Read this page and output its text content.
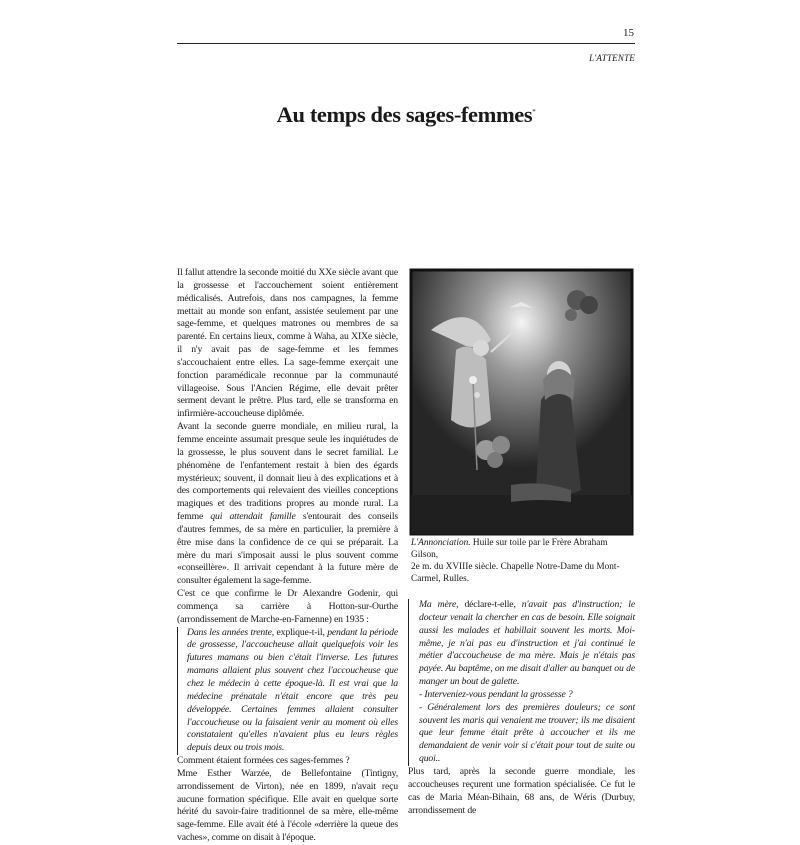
15
L'ATTENTE
Au temps des sages-femmes*

Il fallut attendre la seconde moitié du XXe siècle avant que la grossesse et l'accouchement soient entièrement médicalisés. Autrefois, dans nos campagnes, la femme mettait au monde son enfant, assistée seulement par une sage-femme, et quelques matrones ou membres de sa parenté. En certains lieux, comme à Waha, au XIXe siècle, il n'y avait pas de sage-femme et les femmes s'accouchaient entre elles. La sage-femme exerçait une fonction paramédicale reconnue par la communauté villageoise. Sous l'Ancien Régime, elle devait prêter serment devant le prêtre. Plus tard, elle se transforma en infirmière-accoucheuse diplômée.

Avant la seconde guerre mondiale, en milieu rural, la femme enceinte assumait presque seule les inquiétudes de la grossesse, le plus souvent dans le secret familial. Le phénomène de l'enfantement restait à bien des égards mystérieux; souvent, il donnait lieu à des explications et à des comportements qui relevaient des vieilles conceptions magiques et des traditions propres au monde rural. La femme qui attendait famille s'entourait des conseils d'autres femmes, de sa mère en particulier, la première à être mise dans la confidence de ce qui se préparait. La mère du mari s'imposait aussi le plus souvent comme «conseillère». Il arrivait cependant à la future mère de consulter également la sage-femme.

C'est ce que confirme le Dr Alexandre Godenir, qui commença sa carrière à Hotton-sur-Ourthe (arrondissement de Marche-en-Famenne) en 1935 :

Dans les années trente, explique-t-il, pendant la période de grossesse, l'accoucheuse allait quelquefois voir les futures mamans ou bien c'était l'inverse. Les futures mamans allaient plus souvent chez l'accoucheuse que chez le médecin à cette époque-là. Il est vrai que la médecine prénatale n'était encore que très peu développée. Certaines femmes allaient consulter l'accoucheuse ou la faisaient venir au moment où elles constataient qu'elles n'avaient plus eu leurs règles depuis deux ou trois mois.

Comment étaient formées ces sages-femmes ?

Mme Esther Warzée, de Bellefontaine (Tintigny, arrondissement de Virton), née en 1899, n'avait reçu aucune formation spécifique. Elle avait en quelque sorte hérité du savoir-faire traditionnel de sa mère, elle-même sage-femme. Elle avait été à l'école «derrière la queue des vaches», comme on disait à l'époque.

L'Annonciation. Huile sur toile par le Frère Abraham Gilson,
2e m. du XVIIIe siècle. Chapelle Notre-Dame du Mont-Carmel, Rulles.

Ma mère, déclare-t-elle, n'avait pas d'instruction; le docteur venait la chercher en cas de besoin. Elle soignait aussi les malades et habillait souvent les morts. Moi-même, je n'ai pas eu d'instruction et j'ai continué le métier d'accoucheuse de ma mère. Mais je n'étais pas payée. Au baptême, on me disait d'aller au banquet ou de manger un bout de galette.
- Interveniez-vous pendant la grossesse ?
- Généralement lors des premières douleurs; ce sont souvent les maris qui venaient me trouver; ils me disaient que leur femme était prête à accoucher et ils me demandaient de venir voir si c'était pour tout de suite ou quoi..

Plus tard, après la seconde guerre mondiale, les accoucheuses reçurent une formation spécialisée. Ce fut le cas de Maria Méan-Bihain, 68 ans, de Wéris (Durbuy, arrondissement de
